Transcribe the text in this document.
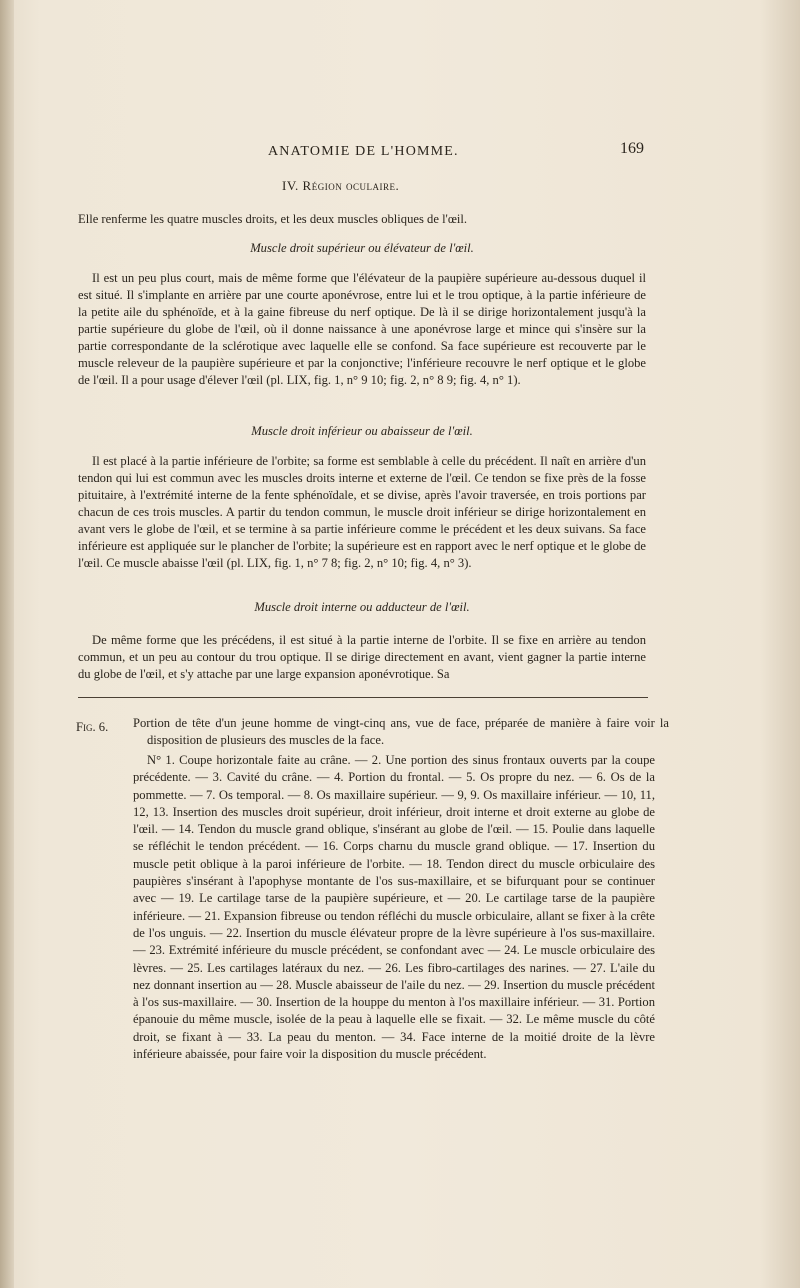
ANATOMIE DE L'HOMME.	169
IV. Région oculaire.
Elle renferme les quatre muscles droits, et les deux muscles obliques de l'œil.
Muscle droit supérieur ou élévateur de l'œil.
Il est un peu plus court, mais de même forme que l'élévateur de la paupière supérieure au-dessous duquel il est situé. Il s'implante en arrière par une courte aponévrose, entre lui et le trou optique, à la partie inférieure de la petite aile du sphénoïde, et à la gaine fibreuse du nerf optique. De là il se dirige horizontalement jusqu'à la partie supérieure du globe de l'œil, où il donne naissance à une aponévrose large et mince qui s'insère sur la partie correspondante de la sclérotique avec laquelle elle se confond. Sa face supérieure est recouverte par le muscle releveur de la paupière supérieure et par la conjonctive; l'inférieure recouvre le nerf optique et le globe de l'œil. Il a pour usage d'élever l'œil (pl. LIX, fig. 1, n° 9 10; fig. 2, n° 8 9; fig. 4, n° 1).
Muscle droit inférieur ou abaisseur de l'œil.
Il est placé à la partie inférieure de l'orbite; sa forme est semblable à celle du précédent. Il naît en arrière d'un tendon qui lui est commun avec les muscles droits interne et externe de l'œil. Ce tendon se fixe près de la fosse pituitaire, à l'extrémité interne de la fente sphénoïdale, et se divise, après l'avoir traversée, en trois portions par chacun de ces trois muscles. A partir du tendon commun, le muscle droit inférieur se dirige horizontalement en avant vers le globe de l'œil, et se termine à sa partie inférieure comme le précédent et les deux suivans. Sa face inférieure est appliquée sur le plancher de l'orbite; la supérieure est en rapport avec le nerf optique et le globe de l'œil. Ce muscle abaisse l'œil (pl. LIX, fig. 1, n° 7 8; fig. 2, n° 10; fig. 4, n° 3).
Muscle droit interne ou adducteur de l'œil.
De même forme que les précédens, il est situé à la partie interne de l'orbite. Il se fixe en arrière au tendon commun, et un peu au contour du trou optique. Il se dirige directement en avant, vient gagner la partie interne du globe de l'œil, et s'y attache par une large expansion aponévrotique. Sa
Fig. 6. Portion de tête d'un jeune homme de vingt-cinq ans, vue de face, préparée de manière à faire voir la disposition de plusieurs des muscles de la face.
N° 1. Coupe horizontale faite au crâne. — 2. Une portion des sinus frontaux ouverts par la coupe précédente. — 3. Cavité du crâne. — 4. Portion du frontal. — 5. Os propre du nez. — 6. Os de la pommette. — 7. Os temporal. — 8. Os maxillaire supérieur. — 9, 9. Os maxillaire inférieur. — 10, 11, 12, 13. Insertion des muscles droit supérieur, droit inférieur, droit interne et droit externe au globe de l'œil. — 14. Tendon du muscle grand oblique, s'insérant au globe de l'œil. — 15. Poulie dans laquelle se réfléchit le tendon précédent. — 16. Corps charnu du muscle grand oblique. — 17. Insertion du muscle petit oblique à la paroi inférieure de l'orbite. — 18. Tendon direct du muscle orbiculaire des paupières s'insérant à l'apophyse montante de l'os sus-maxillaire, et se bifurquant pour se continuer avec — 19. Le cartilage tarse de la paupière supérieure, et — 20. Le cartilage tarse de la paupière inférieure. — 21. Expansion fibreuse ou tendon réfléchi du muscle orbiculaire, allant se fixer à la crête de l'os unguis. — 22. Insertion du muscle élévateur propre de la lèvre supérieure à l'os sus-maxillaire. — 23. Extrémité inférieure du muscle précédent, se confondant avec — 24. Le muscle orbiculaire des lèvres. — 25. Les cartilages latéraux du nez. — 26. Les fibro-cartilages des narines. — 27. L'aile du nez donnant insertion au — 28. Muscle abaisseur de l'aile du nez. — 29. Insertion du muscle précédent à l'os sus-maxillaire. — 30. Insertion de la houppe du menton à l'os maxillaire inférieur. — 31. Portion épanouie du même muscle, isolée de la peau à laquelle elle se fixait. — 32. Le même muscle du côté droit, se fixant à — 33. La peau du menton. — 34. Face interne de la moitié droite de la lèvre inférieure abaissée, pour faire voir la disposition du muscle précédent.
